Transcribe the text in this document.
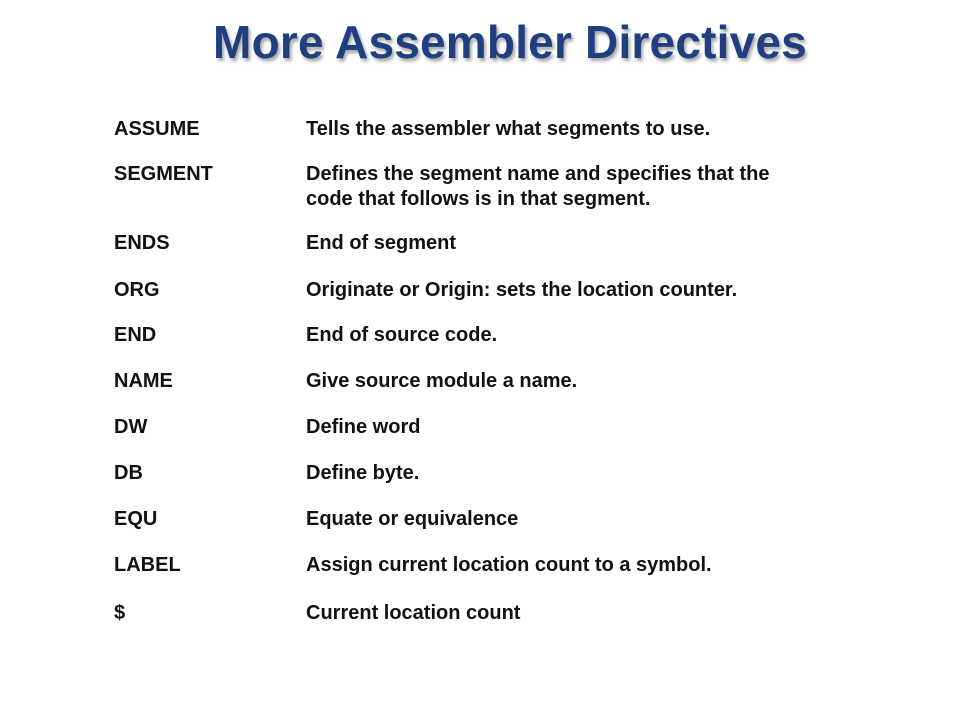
More Assembler Directives
ASSUME	Tells the assembler what segments to use.
SEGMENT	Defines the segment name and specifies that the
code that follows is in that segment.
ENDS	End of segment
ORG	Originate or Origin: sets the location counter.
END	End of source code.
NAME	Give source module a name.
DW	Define word
DB	Define byte.
EQU	Equate or equivalence
LABEL	Assign current location count to a symbol.
$	Current location count
